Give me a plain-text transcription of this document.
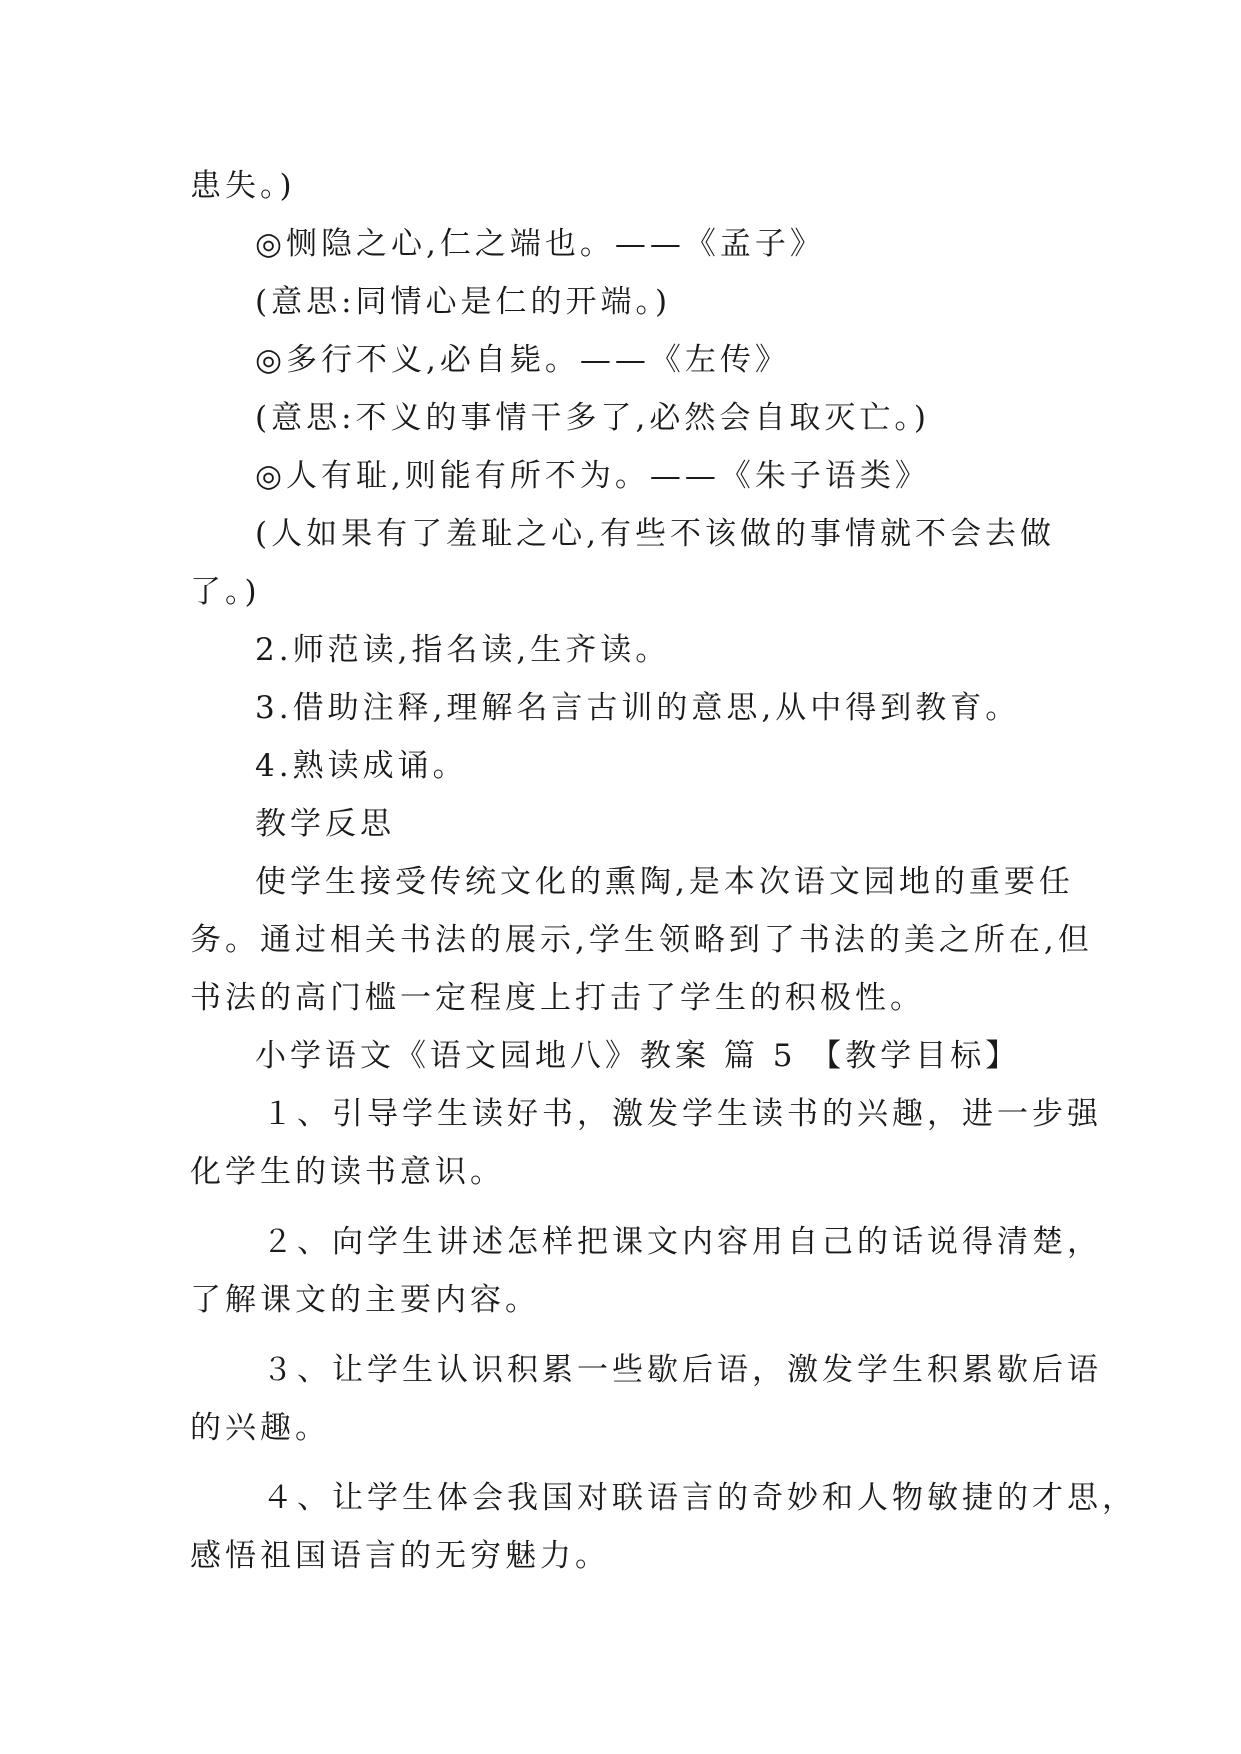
患失。)
◎恻隐之心,仁之端也。——《孟子》
(意思:同情心是仁的开端。)
◎多行不义,必自毙。——《左传》
(意思:不义的事情干多了,必然会自取灭亡。)
◎人有耻,则能有所不为。——《朱子语类》
(人如果有了羞耻之心,有些不该做的事情就不会去做
了。)
2.师范读,指名读,生齐读。
3.借助注释,理解名言古训的意思,从中得到教育。
4.熟读成诵。
教学反思
使学生接受传统文化的熏陶,是本次语文园地的重要任
务。通过相关书法的展示,学生领略到了书法的美之所在,但
书法的高门槛一定程度上打击了学生的积极性。
小学语文《语文园地八》教案 篇 5 【教学目标】
１、引导学生读好书，激发学生读书的兴趣，进一步强
化学生的读书意识。
２、向学生讲述怎样把课文内容用自己的话说得清楚，
了解课文的主要内容。
３、让学生认识积累一些歇后语，激发学生积累歇后语
的兴趣。
４、让学生体会我国对联语言的奇妙和人物敏捷的才思，
感悟祖国语言的无穷魅力。
